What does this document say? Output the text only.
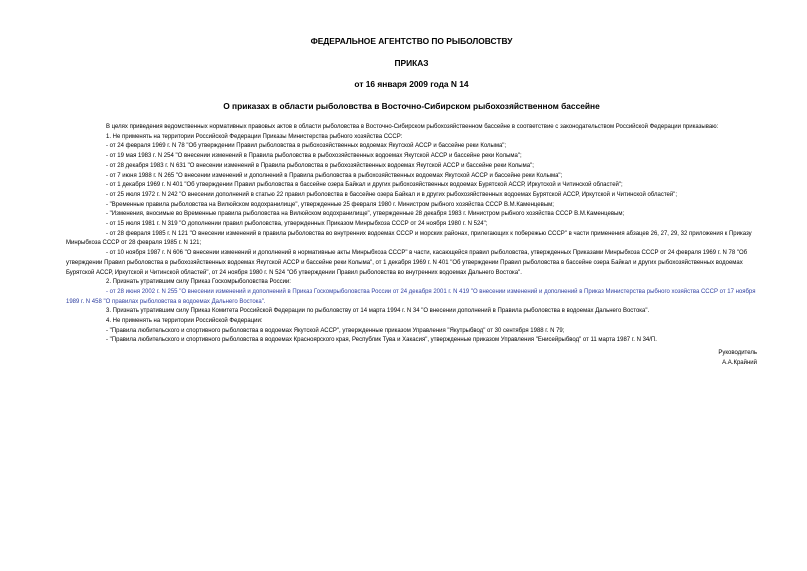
ФЕДЕРАЛЬНОЕ АГЕНТСТВО ПО РЫБОЛОВСТВУ
ПРИКАЗ
от 16 января 2009 года N 14
О приказах в области рыболовства в Восточно-Сибирском рыбохозяйственном бассейне

В целях приведения ведомственных нормативных правовых актов в области рыболовства в Восточно-Сибирском рыбохозяйственном бассейне в соответствие с законодательством Российской Федерации приказываю:

1. Не применять на территории Российской Федерации Приказы Министерства рыбного хозяйства СССР:

- от 24 февраля 1969 г. N 78 "Об утверждении Правил рыболовства в рыбохозяйственных водоемах Якутской АССР и бассейне реки Колыма";

- от 19 мая 1983 г. N 254 "О внесении изменений в Правила рыболовства в рыбохозяйственных водоемах Якутской АССР и бассейне реки Колыма";

- от 28 декабря 1983 г. N 631 "О внесении изменений в Правила рыболовства в рыбохозяйственных водоемах Якутской АССР и бассейне реки Колыма";

- от 7 июня 1988 г. N 265 "О внесении изменений и дополнений в Правила рыболовства в рыбохозяйственных водоемах Якутской АССР и бассейне реки Колыма";

- от 1 декабря 1969 г. N 401 "Об утверждении Правил рыболовства в бассейне озера Байкал и других рыбохозяйственных водоемах Бурятской АССР, Иркутской и Читинской областей";

- от 25 июля 1972 г. N 242 "О внесении дополнений в статью 22 правил рыболовства в бассейне озера Байкал и в других рыбохозяйственных водоемах Бурятской АССР, Иркутской и Читинской областей";

- "Временные правила рыболовства на Вилюйском водохранилище", утвержденные 25 февраля 1980 г. Министром рыбного хозяйства СССР В.М.Каменцевым;

- "Изменения, вносимые во Временные правила рыболовства на Вилюйском водохранилище", утвержденные 28 декабря 1983 г. Министром рыбного хозяйства СССР В.М.Каменцевым;

- от 15 июля 1981 г. N 319 "О дополнении правил рыболовства, утвержденных Приказом Минрыбхоза СССР от 24 ноября 1980 г. N 524";

- от 28 февраля 1985 г. N 121 "О внесении изменений в правила рыболовства во внутренних водоемах СССР и морских районах, прилегающих к побережью СССР" в части применения абзацев 26, 27, 29, 32 приложения к Приказу Минрыбхоза СССР от 28 февраля 1985 г. N 121;

- от 10 ноября 1987 г. N 606 "О внесении изменений и дополнений в нормативные акты Минрыбхоза СССР" в части, касающейся правил рыболовства, утвержденных Приказами Минрыбхоза СССР от 24 февраля 1969 г. N 78 "Об утверждении Правил рыболовства в рыбохозяйственных водоемах Якутской АССР и бассейне реки Колыма", от 1 декабря 1969 г. N 401 "Об утверждении Правил рыболовства в бассейне озера Байкал и других рыбохозяйственных водоемах Бурятской АССР, Иркутской и Читинской областей", от 24 ноября 1980 г. N 524 "Об утверждении Правил рыболовства во внутренних водоемах Дальнего Востока".

2. Признать утратившим силу Приказ Госкомрыболовства России:

- от 28 июня 2002 г. N 255 "О внесении изменений и дополнений в Приказ Госкомрыболовства России от 24 декабря 2001 г. N 419 "О внесении изменений и дополнений в Приказ Министерства рыбного хозяйства СССР от 17 ноября 1989 г. N 458 "О правилах рыболовства в водоемах Дальнего Востока".

3. Признать утратившим силу Приказ Комитета Российской Федерации по рыболовству от 14 марта 1994 г. N 34 "О внесении дополнений в Правила рыболовства в водоемах Дальнего Востока".

4. Не применять на территории Российской Федерации:

- "Правила любительского и спортивного рыболовства в водоемах Якутской АССР", утвержденные приказом Управления "Якутрыбвод" от 30 сентября 1988 г. N 79;

- "Правила любительского и спортивного рыболовства в водоемах Красноярского края, Республик Тува и Хакасия", утвержденные приказом Управления "Енисейрыбвод" от 11 марта 1987 г. N 34/П.

Руководитель
А.А.Крайний
